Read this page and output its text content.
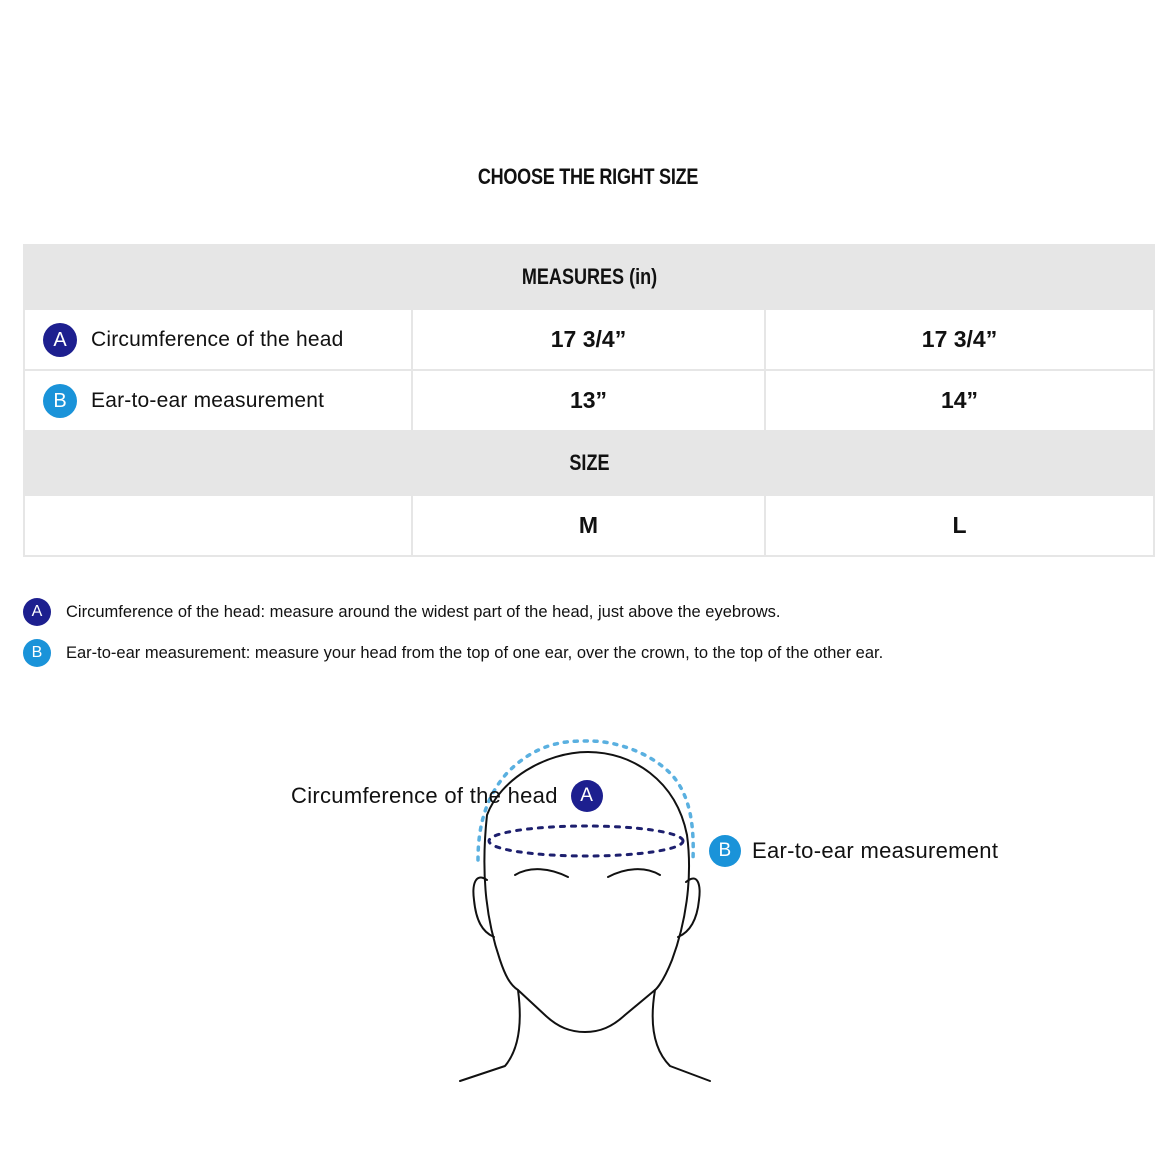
CHOOSE THE RIGHT SIZE
MEASURES (in)		
A Circumference of the head	17 3/4”	17 3/4”
B Ear-to-ear measurement	13”	14”
SIZE		
	M	L
A	Circumference of the head: measure around the widest part of the head, just above the eyebrows.
B	Ear-to-ear measurement: measure your head from the top of one ear, over the crown, to the top of the other ear.
Circumference of the head	A
B Ear-to-ear measurement
